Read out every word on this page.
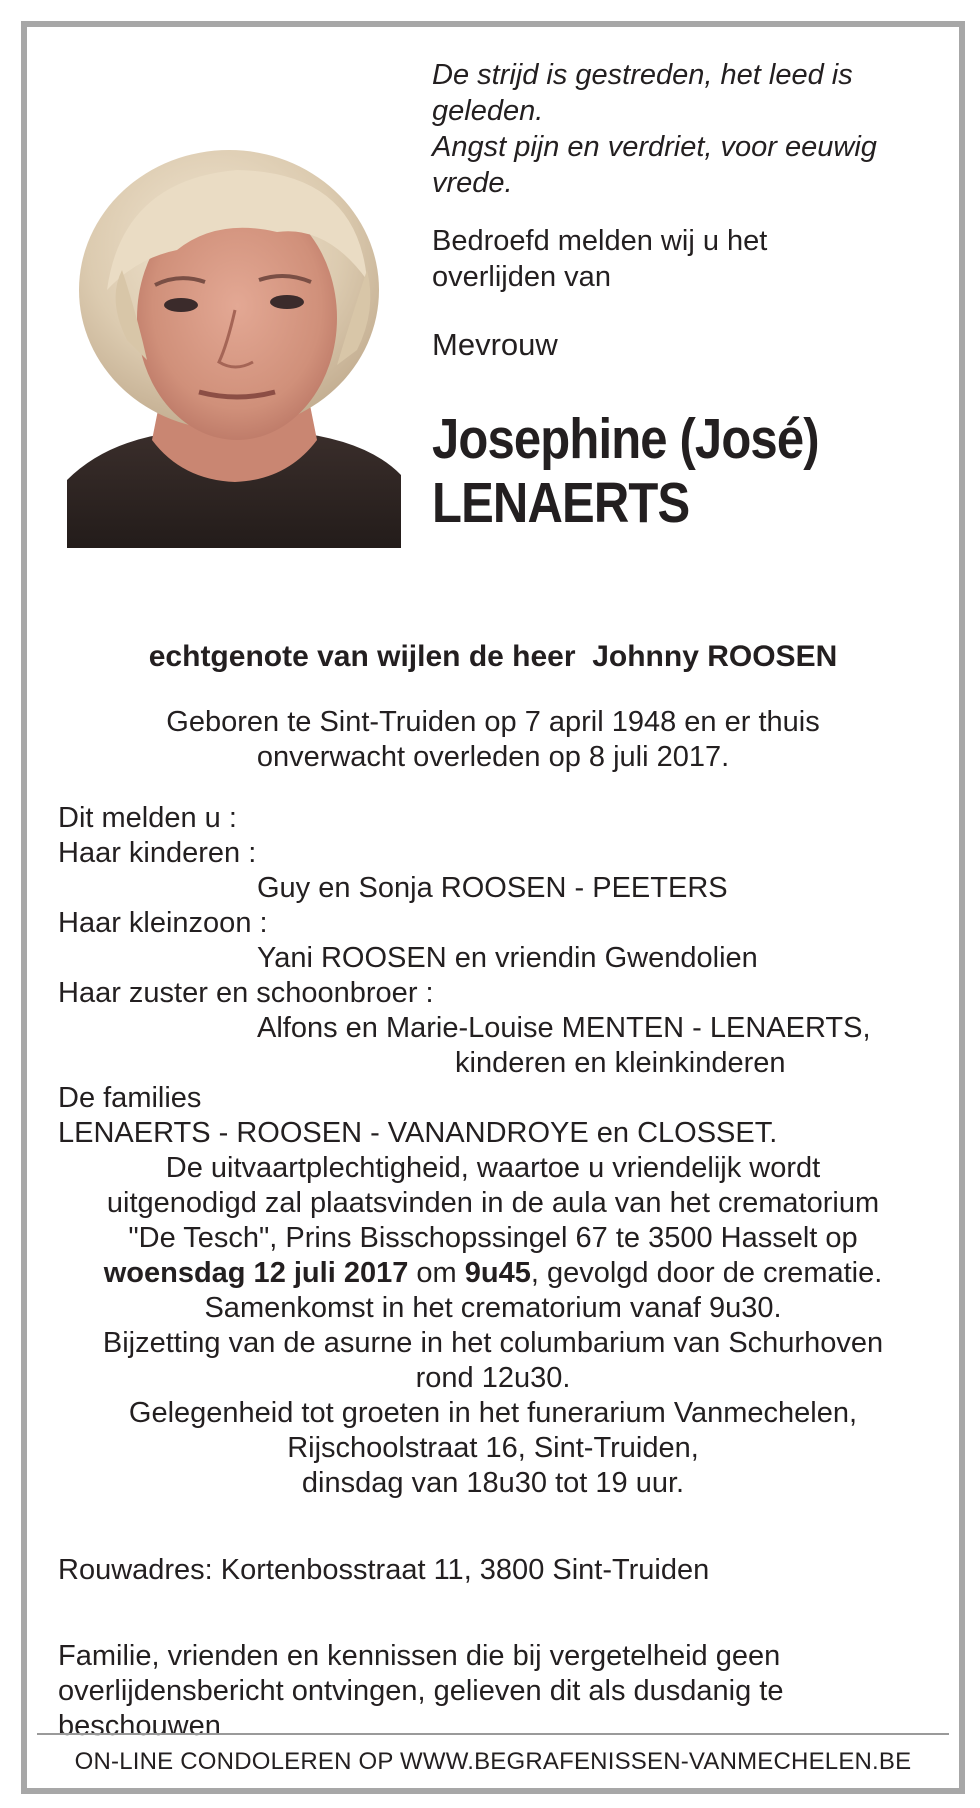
De strijd is gestreden, het leed is
geleden.
Angst pijn en verdriet, voor eeuwig
vrede.
Bedroefd melden wij u het
overlijden van
Mevrouw
Josephine (José)
LENAERTS
echtgenote van wijlen de heer Johnny ROOSEN
Geboren te Sint-Truiden op 7 april 1948 en er thuis
onverwacht overleden op 8 juli 2017.
Dit melden u :
Haar kinderen :
Guy en Sonja ROOSEN - PEETERS
Haar kleinzoon :
Yani ROOSEN en vriendin Gwendolien
Haar zuster en schoonbroer :
Alfons en Marie-Louise MENTEN - LENAERTS,
kinderen en kleinkinderen
De families
LENAERTS - ROOSEN - VANANDROYE en CLOSSET.
De uitvaartplechtigheid, waartoe u vriendelijk wordt
uitgenodigd zal plaatsvinden in de aula van het crematorium
"De Tesch", Prins Bisschopssingel 67 te 3500 Hasselt op
woensdag 12 juli 2017 om 9u45, gevolgd door de crematie.
Samenkomst in het crematorium vanaf 9u30.
Bijzetting van de asurne in het columbarium van Schurhoven
rond 12u30.
Gelegenheid tot groeten in het funerarium Vanmechelen,
Rijschoolstraat 16, Sint-Truiden,
dinsdag van 18u30 tot 19 uur.
Rouwadres: Kortenbosstraat 11, 3800 Sint-Truiden
Familie, vrienden en kennissen die bij vergetelheid geen
overlijdensbericht ontvingen, gelieven dit als dusdanig te
beschouwen
ON-LINE CONDOLEREN OP WWW.BEGRAFENISSEN-VANMECHELEN.BE
